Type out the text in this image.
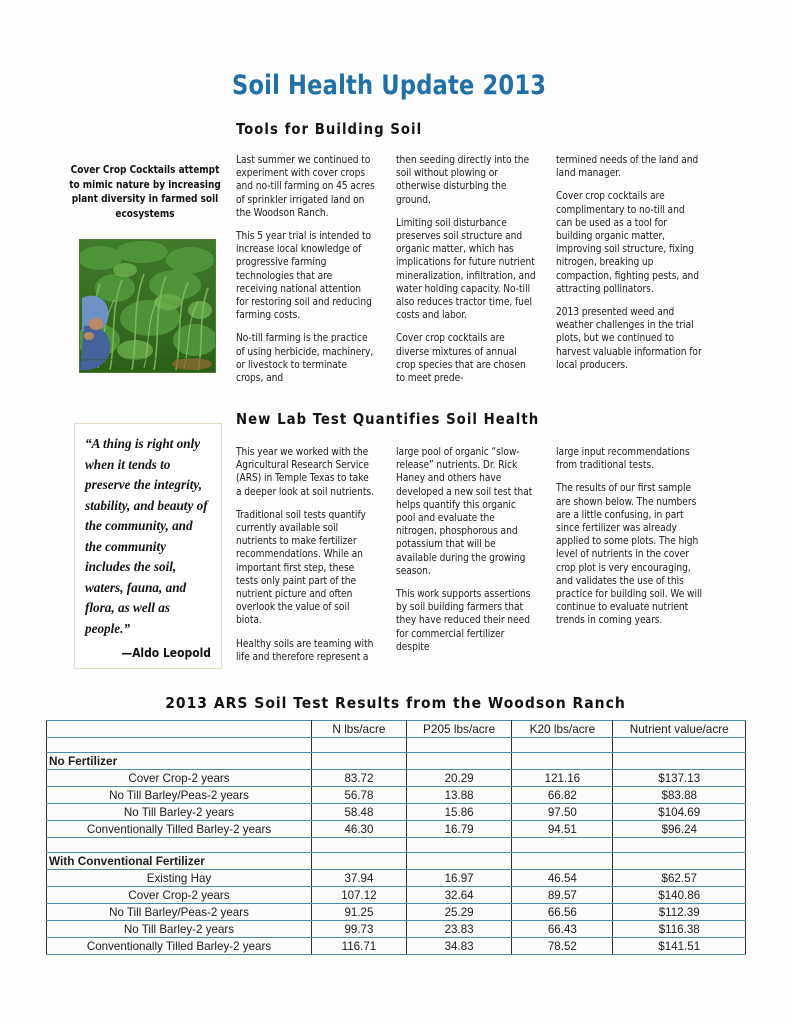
Soil Health Update 2013
Cover Crop Cocktails attempt to mimic nature by increasing plant diversity in farmed soil ecosystems

“A thing is right only when it tends to preserve the integrity, stability, and beauty of the community, and the community includes the soil, waters, fauna, and flora, as well as people.”

—Aldo Leopold

Tools for Building Soil

Last summer we continued to experiment with cover crops and no-till farming on 45 acres of sprinkler irrigated land on the Woodson Ranch.

This 5 year trial is intended to increase local knowledge of progressive farming technologies that are receiving national attention for restoring soil and reducing farming costs.

No-till farming is the practice of using herbicide, machinery, or livestock to terminate crops, and

then seeding directly into the soil without plowing or otherwise disturbing the ground.

Limiting soil disturbance preserves soil structure and organic matter, which has implications for future nutrient mineralization, infiltration, and water holding capacity. No-till also reduces tractor time, fuel costs and labor.

Cover crop cocktails are diverse mixtures of annual crop species that are chosen to meet prede-

termined needs of the land and land manager.

Cover crop cocktails are complimentary to no-till and can be used as a tool for building organic matter, improving soil structure, fixing nitrogen, breaking up compaction, fighting pests, and attracting pollinators.

2013 presented weed and weather challenges in the trial plots, but we continued to harvest valuable information for local producers.

New Lab Test Quantifies Soil Health

This year we worked with the Agricultural Research Service (ARS) in Temple Texas to take a deeper look at soil nutrients.

Traditional soil tests quantify currently available soil nutrients to make fertilizer recommendations. While an important first step, these tests only paint part of the nutrient picture and often overlook the value of soil biota.

Healthy soils are teaming with life and therefore represent a

large pool of organic “slow-release” nutrients. Dr. Rick Haney and others have developed a new soil test that helps quantify this organic pool and evaluate the nitrogen, phosphorous and potassium that will be available during the growing season.

This work supports assertions by soil building farmers that they have reduced their need for commercial fertilizer despite

large input recommendations from traditional tests.

The results of our first sample are shown below. The numbers are a little confusing, in part since fertilizer was already applied to some plots. The high level of nutrients in the cover crop plot is very encouraging, and validates the use of this practice for building soil. We will continue to evaluate nutrient trends in coming years.

2013 ARS Soil Test Results from the Woodson Ranch
	N lbs/acre	P205 lbs/acre	K20 lbs/acre	Nutrient value/acre

No Fertilizer				
Cover Crop-2 years	83.72	20.29	121.16	$137.13
No Till Barley/Peas-2 years	56.78	13.88	66.82	$83.88
No Till Barley-2 years	58.48	15.86	97.50	$104.69
Conventionally Tilled Barley-2 years	46.30	16.79	94.51	$96.24

With Conventional Fertilizer				
Existing Hay	37.94	16.97	46.54	$62.57
Cover Crop-2 years	107.12	32.64	89.57	$140.86
No Till Barley/Peas-2 years	91.25	25.29	66.56	$112.39
No Till Barley-2 years	99.73	23.83	66.43	$116.38
Conventionally Tilled Barley-2 years	116.71	34.83	78.52	$141.51
